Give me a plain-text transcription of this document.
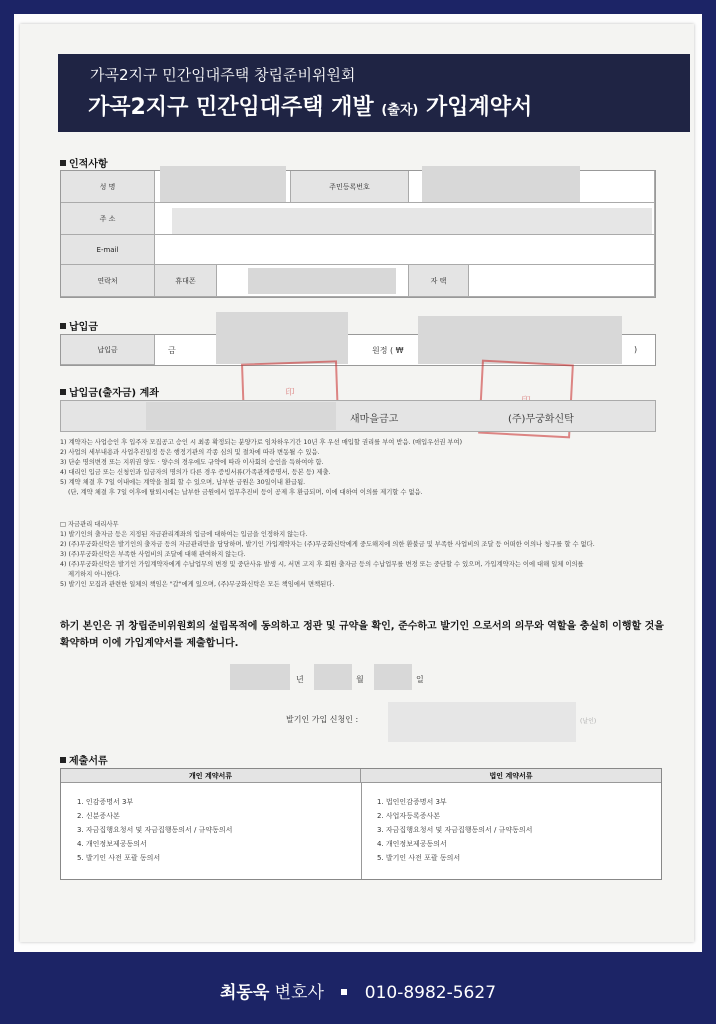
가곡2지구 민간임대주택 창립준비위원회
가곡2지구 민간임대주택 개발 (출자) 가입계약서
인적사항
성 명	주민등록번호
주 소
E-mail
연락처	휴대폰	자 택
납입금
납입금	금	원정 ( ₩	)
印
납입금(출자금) 계좌
새마을금고	(주)무궁화신탁
1) 계약자는 사업승인 후 입주자 모집공고 승인 시 최종 확정되는 분양가로 임차하우기간 10년 후 우선 매입할 권리를 부여 받음. (매입우선권 부여)
2) 사업의 세부내용과 사업추진일정 등은 행정기관의 각종 심의 및 절차에 따라 변동될 수 있음.
3) 단순 명의변경 또는 지위권 양도 · 양수의 경우에도 규약에 따라 이사회의 승인을 득하여야 함.
4) 대리인 입금 또는 신청인과 입금자의 명의가 다른 경우 증빙서류(가족관계증명서, 등본 등) 제출.
5) 계약 체결 후 7일 이내에는 계약을 철회 할 수 있으며, 납부한 금원은 30일이내 환급됨.
(단, 계약 체결 후 7일 이후에 탈퇴시에는 납부한 금원에서 업무추진비 등이 공제 후 환급되며, 이에 대하여 이의를 제기할 수 없음.
□ 자금관리 대리사무
1) 발기인의 출자금 등은 지정된 자금관리계좌의 입금에 대하여는 입금을 인정하지 않는다.
2) (주)무궁화신탁은 발기인의 출자금 등의 자금관리만을 담당하며, 발기인 가입계약자는 (주)무궁화신탁에게 중도해지에 의한 환불금 및 부족한 사업비의 조달 등 어떠한 이의나 청구를 할 수 없다.
3) (주)무궁화신탁은 부족한 사업비의 조달에 대해 관여하지 않는다.
4) (주)무궁화신탁은 발기인 가입계약자에게 수납업무의 변경 및 중단사유 발생 시, 서면 고지 후 회원 출자금 등의 수납업무를 변경 또는 중단할 수 있으며, 가입계약자는 이에 대해 일체 이의를
제기하지 아니한다.
5) 발기인 모집과 관련한 일체의 책임은 "갑"에게 있으며, (주)무궁화신탁은 모든 책임에서 면책된다.
하기 본인은 귀 창립준비위원회의 설립목적에 동의하고 정관 및 규약을 확인, 준수하고 발기인 으로서의 의무와 역할을 충실히 이행할 것을 확약하며 이에 가입계약서를 제출합니다.
년	월	일
발기인 가입 신청인 :	(날인)
제출서류
개인 계약서류	법인 계약서류
1. 인감증명서 3부
2. 신분증사본
3. 자금집행요청서 및 자금집행동의서 / 규약동의서
4. 개인정보제공동의서
5. 발기인 사전 포괄 동의서
1. 법인인감증명서 3부
2. 사업자등록증사본
3. 자금집행요청서 및 자금집행동의서 / 규약동의서
4. 개인정보제공동의서
5. 발기인 사전 포괄 동의서
최동욱 변호사 010-8982-5627
